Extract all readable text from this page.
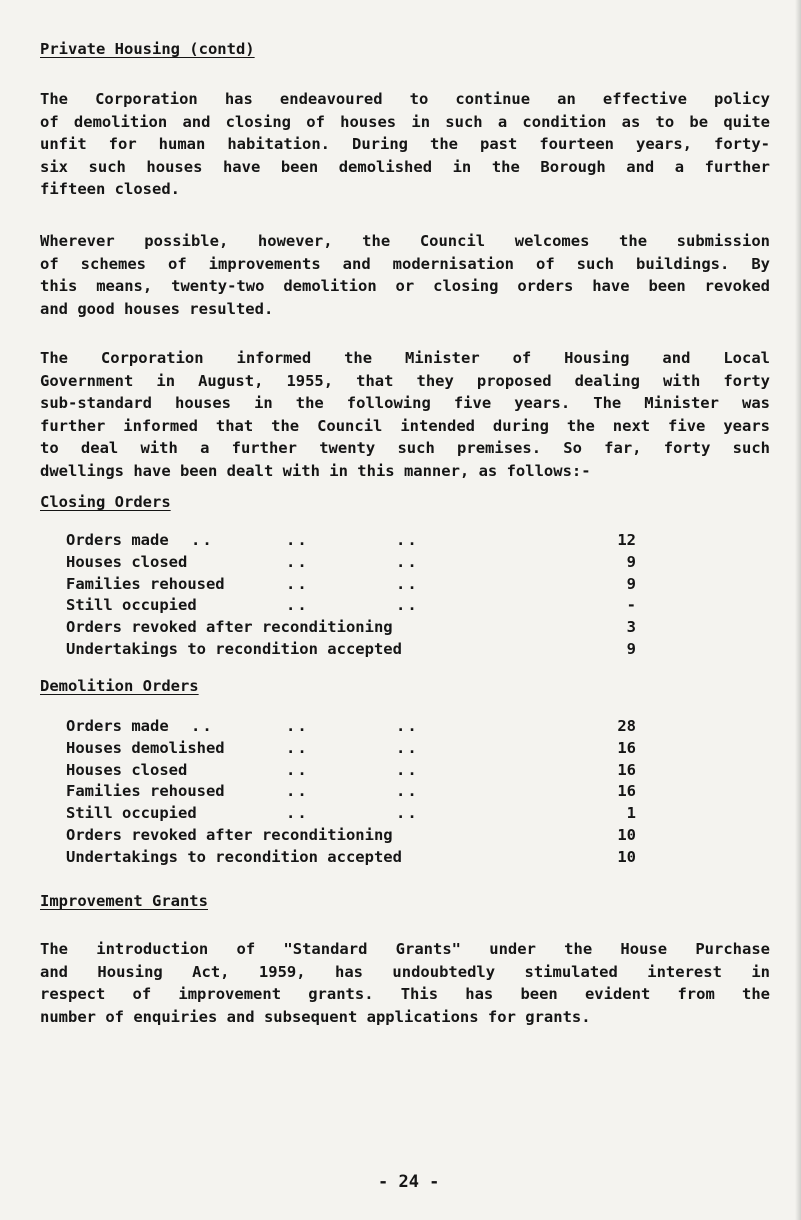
Private Housing (contd)
The Corporation has endeavoured to continue an effective policy
of demolition and closing of houses in such a condition as to be quite
unfit for human habitation. During the past fourteen years, forty-
six such houses have been demolished in the Borough and a further
fifteen closed.
Wherever possible, however, the Council welcomes the submission
of schemes of improvements and modernisation of such buildings. By
this means, twenty-two demolition or closing orders have been revoked
and good houses resulted.
The Corporation informed the Minister of Housing and Local
Government in August, 1955, that they proposed dealing with forty
sub-standard houses in the following five years. The Minister was
further informed that the Council intended during the next five years
to deal with a further twenty such premises. So far, forty such
dwellings have been dealt with in this manner, as follows:-
Closing Orders
Orders made ..	..	..	12
Houses closed	..	..	9
Families rehoused	..	..	9
Still occupied	..	..	-
Orders revoked after reconditioning	3
Undertakings to recondition accepted	9
Demolition Orders
Orders made ..	..	..	28
Houses demolished	..	..	16
Houses closed	..	..	16
Families rehoused	..	..	16
Still occupied	..	..	1
Orders revoked after reconditioning	10
Undertakings to recondition accepted	10
Improvement Grants
The introduction of "Standard Grants" under the House Purchase
and Housing Act, 1959, has undoubtedly stimulated interest in
respect of improvement grants. This has been evident from the
number of enquiries and subsequent applications for grants.
- 24 -
